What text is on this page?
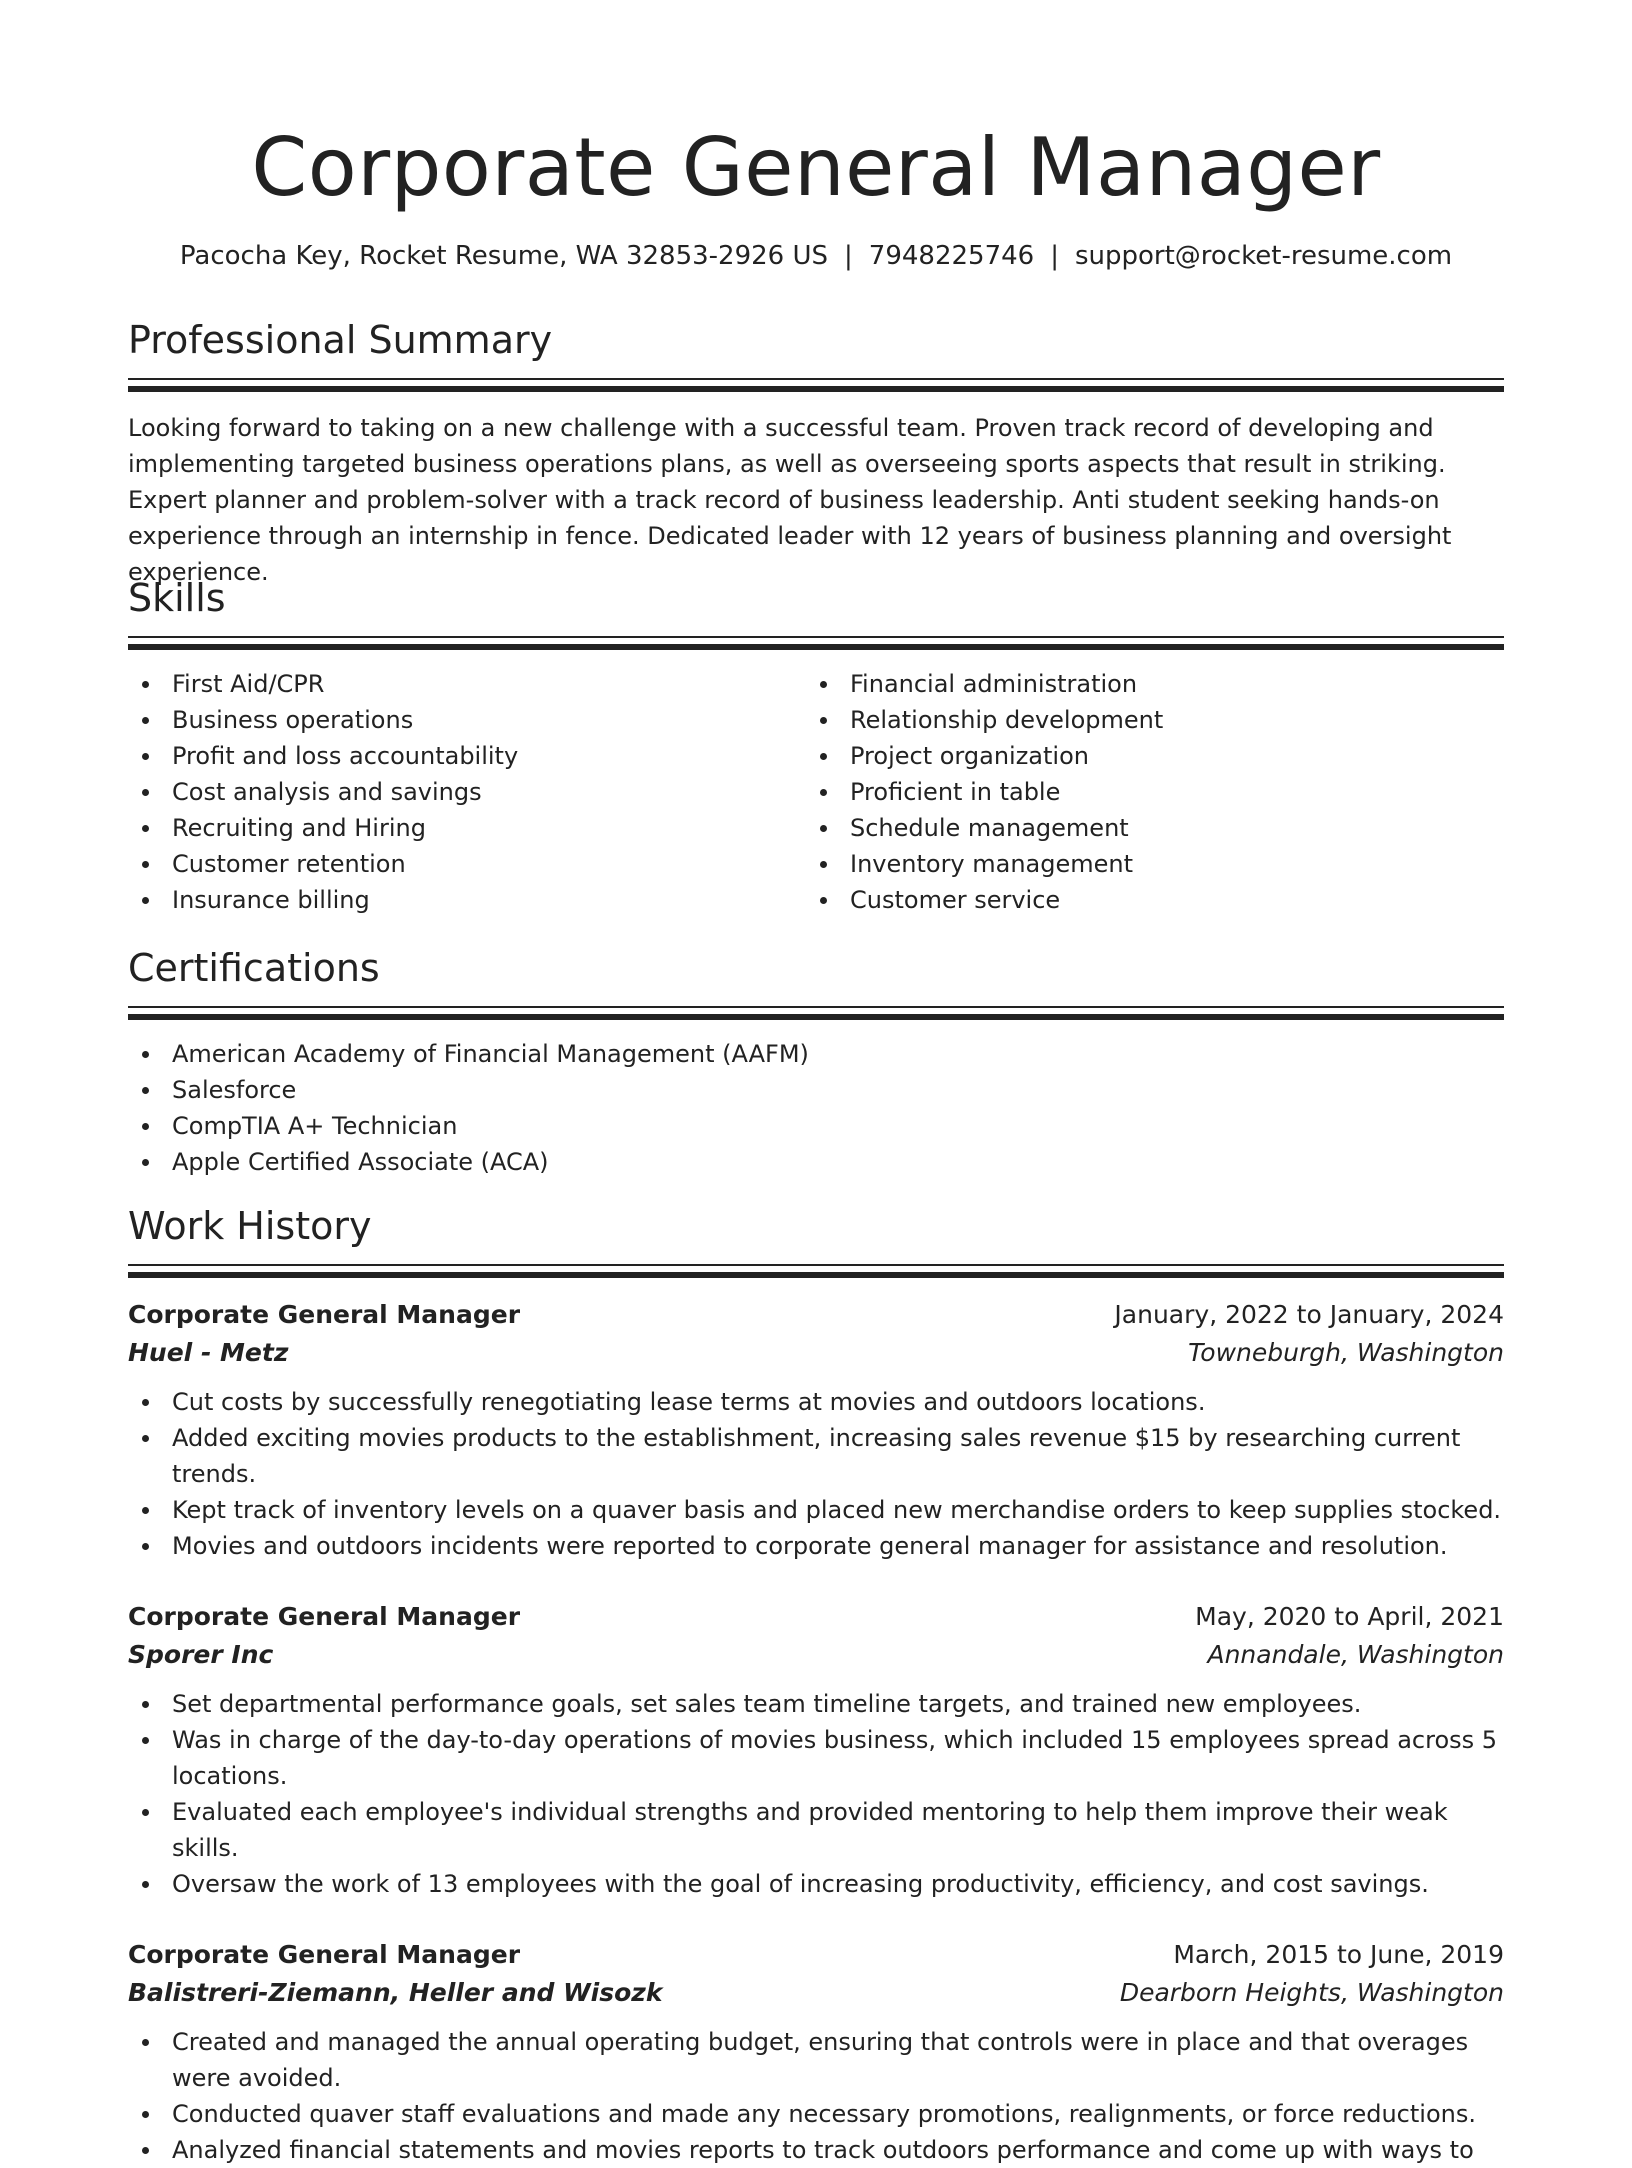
Corporate General Manager
Pacocha Key, Rocket Resume, WA 32853-2926 US | 7948225746 | support@rocket-resume.com
Professional Summary

Looking forward to taking on a new challenge with a successful team. Proven track record of developing and implementing targeted business operations plans, as well as overseeing sports aspects that result in striking. Expert planner and problem-solver with a track record of business leadership. Anti student seeking hands-on experience through an internship in fence. Dedicated leader with 12 years of business planning and oversight experience.

Skills
First Aid/CPR
Business operations
Profit and loss accountability
Cost analysis and savings
Recruiting and Hiring
Customer retention
Insurance billing
Financial administration
Relationship development
Project organization
Proficient in table
Schedule management
Inventory management
Customer service
Certifications
American Academy of Financial Management (AAFM)
Salesforce
CompTIA A+ Technician
Apple Certified Associate (ACA)
Work History
Corporate General Manager	January, 2022 to January, 2024
Huel - Metz	Towneburgh, Washington
Cut costs by successfully renegotiating lease terms at movies and outdoors locations.
Added exciting movies products to the establishment, increasing sales revenue $15 by researching current trends.
Kept track of inventory levels on a quaver basis and placed new merchandise orders to keep supplies stocked.
Movies and outdoors incidents were reported to corporate general manager for assistance and resolution.
Corporate General Manager	May, 2020 to April, 2021
Sporer Inc	Annandale, Washington
Set departmental performance goals, set sales team timeline targets, and trained new employees.
Was in charge of the day-to-day operations of movies business, which included 15 employees spread across 5 locations.
Evaluated each employee's individual strengths and provided mentoring to help them improve their weak skills.
Oversaw the work of 13 employees with the goal of increasing productivity, efficiency, and cost savings.
Corporate General Manager	March, 2015 to June, 2019
Balistreri-Ziemann, Heller and Wisozk	Dearborn Heights, Washington
Created and managed the annual operating budget, ensuring that controls were in place and that overages were avoided.
Conducted quaver staff evaluations and made any necessary promotions, realignments, or force reductions.
Analyzed financial statements and movies reports to track outdoors performance and come up with ways to
